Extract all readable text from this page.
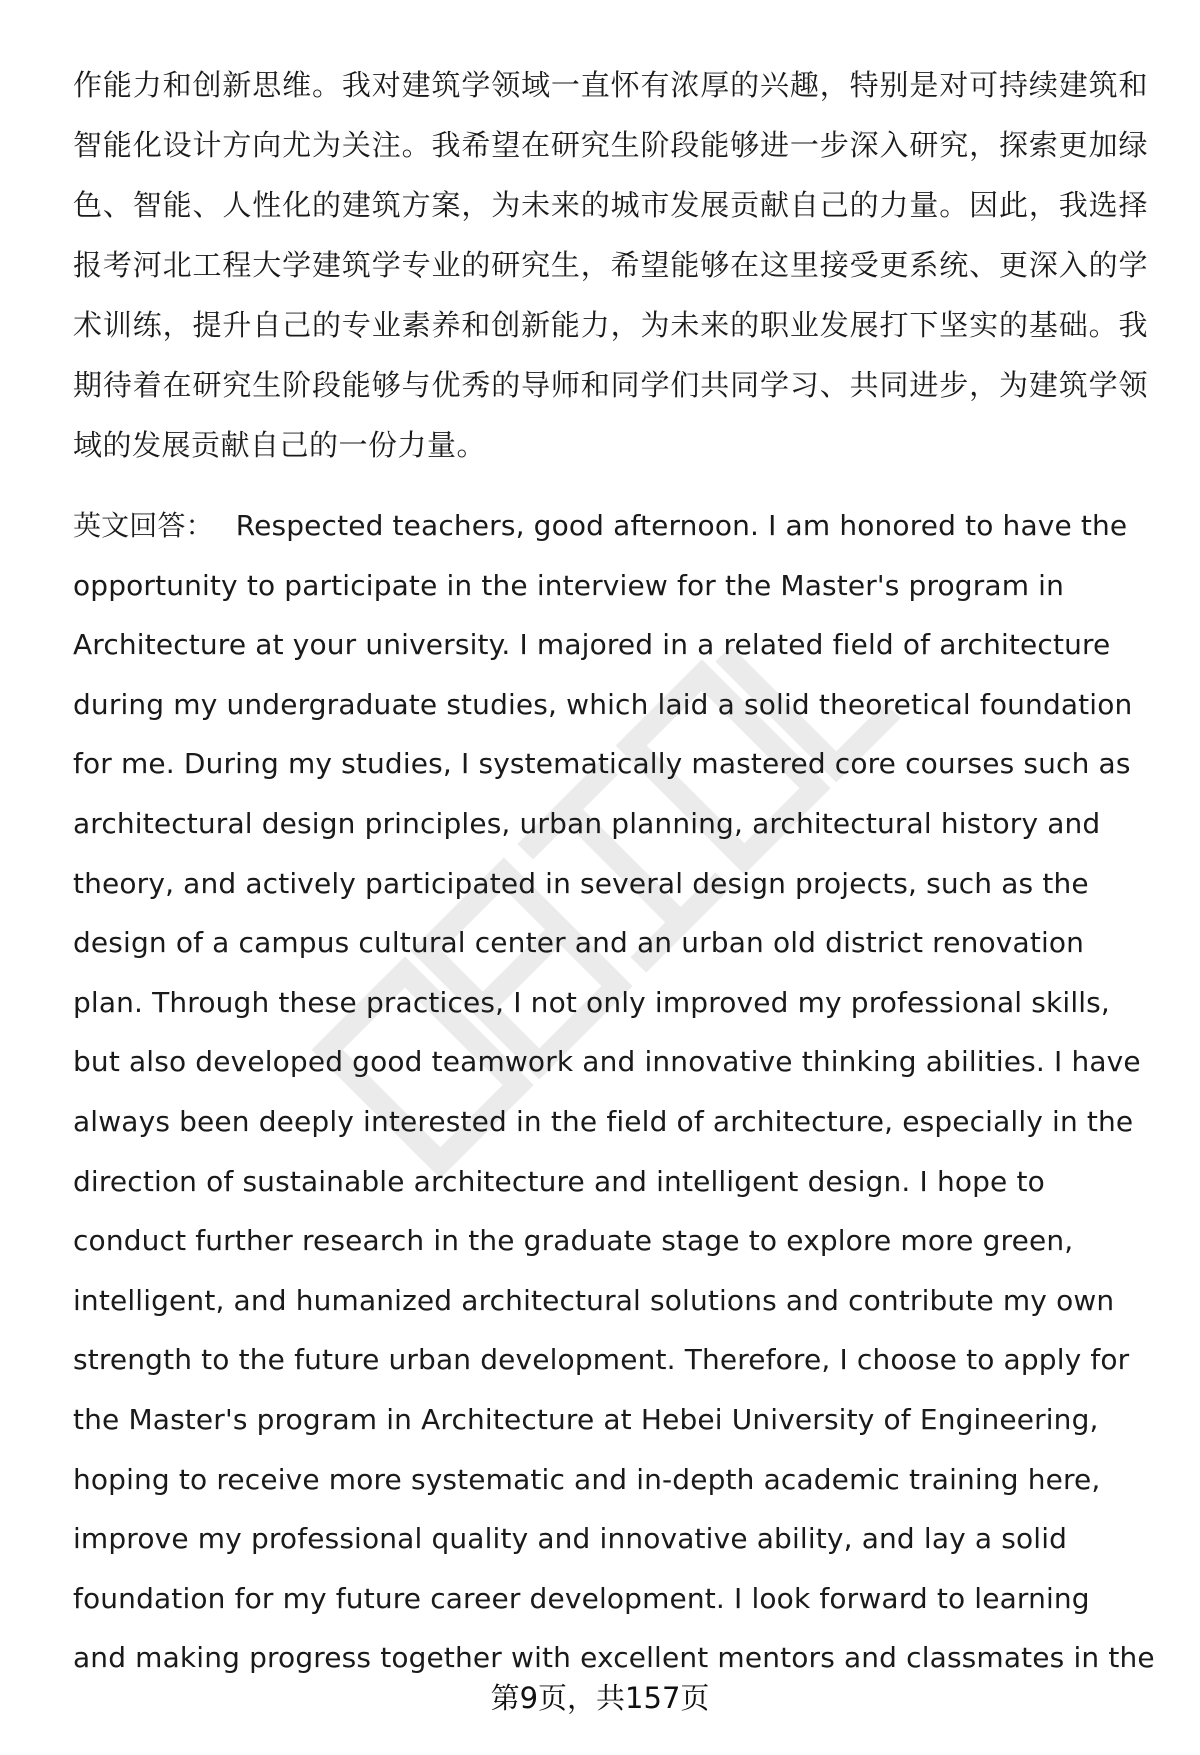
作能力和创新思维。我对建筑学领域一直怀有浓厚的兴趣，特别是对可持续建筑和
智能化设计方向尤为关注。我希望在研究生阶段能够进一步深入研究，探索更加绿
色、智能、人性化的建筑方案，为未来的城市发展贡献自己的力量。因此，我选择
报考河北工程大学建筑学专业的研究生，希望能够在这里接受更系统、更深入的学
术训练，提升自己的专业素养和创新能力，为未来的职业发展打下坚实的基础。我
期待着在研究生阶段能够与优秀的导师和同学们共同学习、共同进步，为建筑学领
域的发展贡献自己的一份力量。
英文回答： Respected teachers, good afternoon. I am honored to have the
opportunity to participate in the interview for the Master's program in
Architecture at your university. I majored in a related field of architecture
during my undergraduate studies, which laid a solid theoretical foundation
for me. During my studies, I systematically mastered core courses such as
architectural design principles, urban planning, architectural history and
theory, and actively participated in several design projects, such as the
design of a campus cultural center and an urban old district renovation
plan. Through these practices, I not only improved my professional skills,
but also developed good teamwork and innovative thinking abilities. I have
always been deeply interested in the field of architecture, especially in the
direction of sustainable architecture and intelligent design. I hope to
conduct further research in the graduate stage to explore more green,
intelligent, and humanized architectural solutions and contribute my own
strength to the future urban development. Therefore, I choose to apply for
the Master's program in Architecture at Hebei University of Engineering,
hoping to receive more systematic and in-depth academic training here,
improve my professional quality and innovative ability, and lay a solid
foundation for my future career development. I look forward to learning
and making progress together with excellent mentors and classmates in the
第9页，共157页
